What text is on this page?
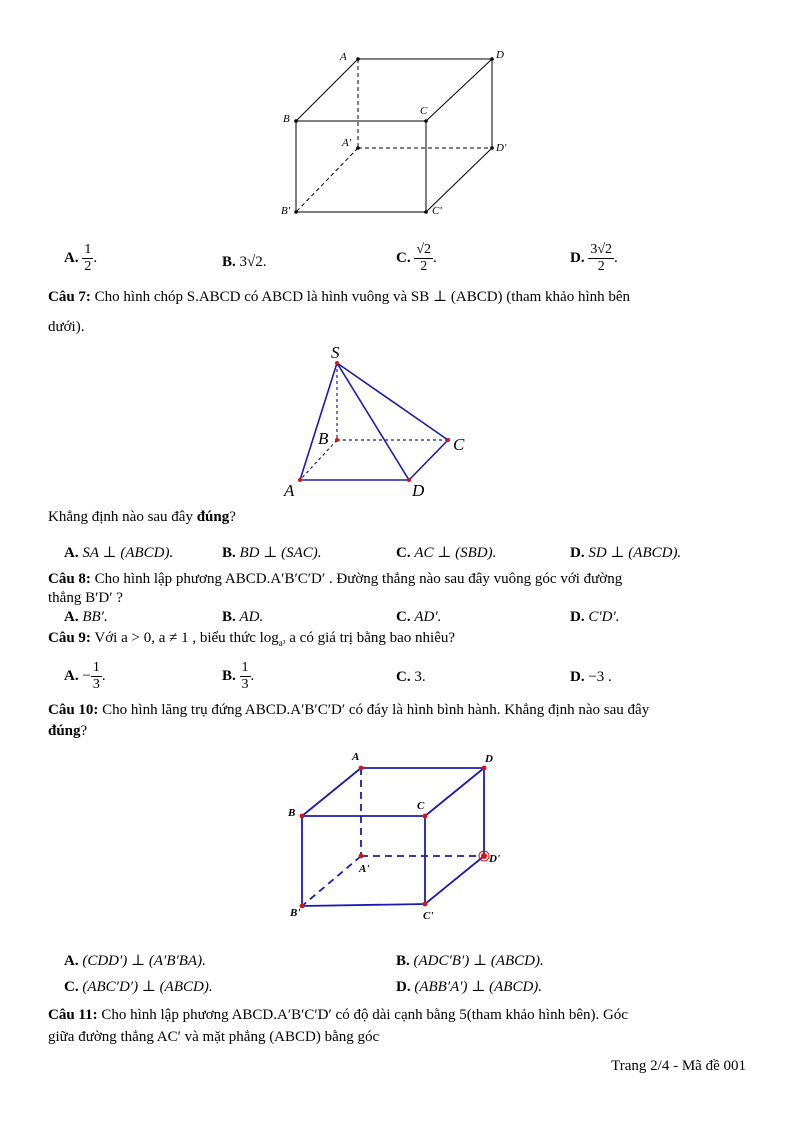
A	D
B
C
A'	D'
B'	C'
A. $\frac{1}{2}$ .	B. 3√2.	C. $\frac{√2}{2}$ .	D. $\frac{3√2}{2}$ .
Câu 7: Cho hình chóp S.ABCD có ABCD là hình vuông và SB ⊥ (ABCD) (tham khảo hình bên
dưới).
S
B	C
A	D
Khẳng định nào sau đây đúng?
A. SA ⊥ (ABCD).	B. BD ⊥ (SAC).	C. AC ⊥ (SBD).	D. SD ⊥ (ABCD).
Câu 8: Cho hình lập phương ABCD.A′B′C′D′ . Đường thẳng nào sau đây vuông góc với đường
thẳng B′D′ ?
A. BB′.	B. AD.	C. AD′.	D. C′D′.
Câu 9: Với a > 0, a ≠ 1 , biểu thức $\log_{a^3} a$ có giá trị bằng bao nhiêu?
A. − $\frac{1}{3}$ .	B. $\frac{1}{3}$ .	C. 3.	D. −3 .
Câu 10: Cho hình lăng trụ đứng ABCD.A′B′C′D′ có đáy là hình bình hành. Khẳng định nào sau đây
đúng?
A	D
B
C
A'
D'
B'	C'
A. (CDD′) ⊥ (A′B′BA).	B. (ADC′B′) ⊥ (ABCD).
C. (ABC′D′) ⊥ (ABCD).	D. (ABB′A′) ⊥ (ABCD).
Câu 11: Cho hình lập phương ABCD.A′B′C′D′ có độ dài cạnh bằng 5(tham khảo hình bên). Góc
giữa đường thẳng AC′ và mặt phẳng (ABCD) bằng góc
Trang 2/4 - Mã đề 001
